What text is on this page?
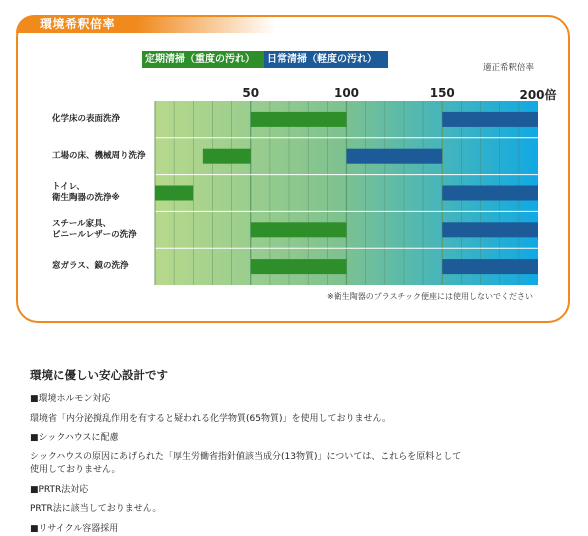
環境希釈倍率
定期清掃（重度の汚れ）	日常清掃（軽度の汚れ）
適正希釈倍率
50	100	150	200倍
化学床の表面洗浄
工場の床、機械周り洗浄
トイレ、
衛生陶器の洗浄※
スチール家具、
ビニールレザーの洗浄
窓ガラス、鏡の洗浄
※衛生陶器のプラスチック便座には使用しないでください
環境に優しい安心設計です
■環境ホルモン対応
環境省「内分泌撹乱作用を有すると疑われる化学物質(65物質)」を使用しておりません。
■シックハウスに配慮
シックハウスの原因にあげられた「厚生労働省指針値該当成分(13物質)」については、これらを原料として
使用しておりません。
■PRTR法対応
PRTR法に該当しておりません。
■リサイクル容器採用
